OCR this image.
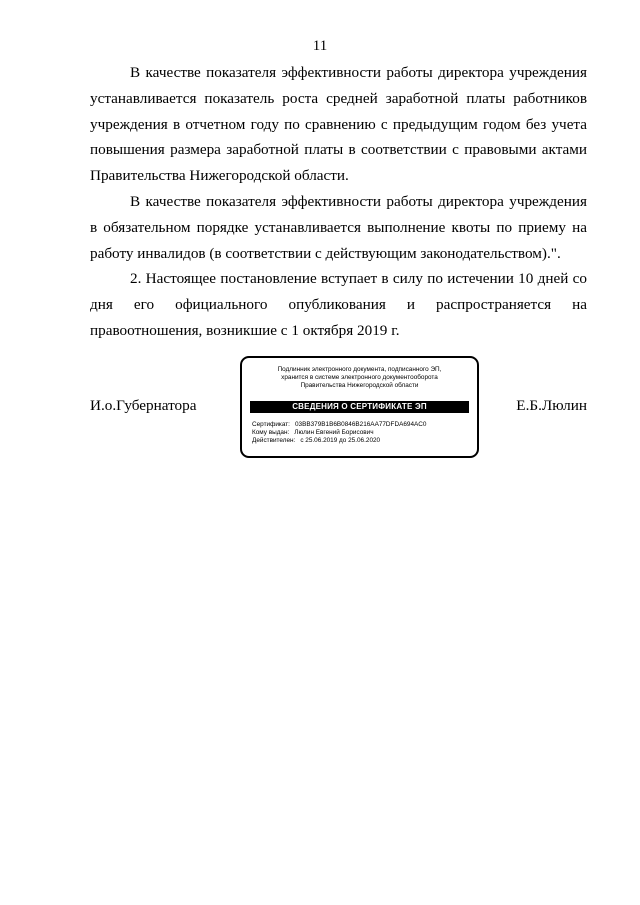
11

В качестве показателя эффективности работы директора учреждения устанавливается показатель роста средней заработной платы работников учреждения в отчетном году по сравнению с предыдущим годом без учета повышения размера заработной платы в соответствии с правовыми актами Правительства Нижегородской области.

В качестве показателя эффективности работы директора учреждения в обязательном порядке устанавливается выполнение квоты по приему на работу инвалидов (в соответствии с действующим законодательством).".

2. Настоящее постановление вступает в силу по истечении 10 дней со дня его официального опубликования и распространяется на правоотношения, возникшие с 1 октября 2019 г.

И.о.Губернатора	Е.Б.Люлин
Подлинник электронного документа, подписанного ЭП,
хранится в системе электронного документооборота
Правительства Нижегородской области
СВЕДЕНИЯ О СЕРТИФИКАТЕ ЭП
Сертификат: 03BB379B1B6B0846B216AA77DFDA694AC0
Кому выдан: Люлин Евгений Борисович
Действителен: с 25.06.2019 до 25.06.2020
